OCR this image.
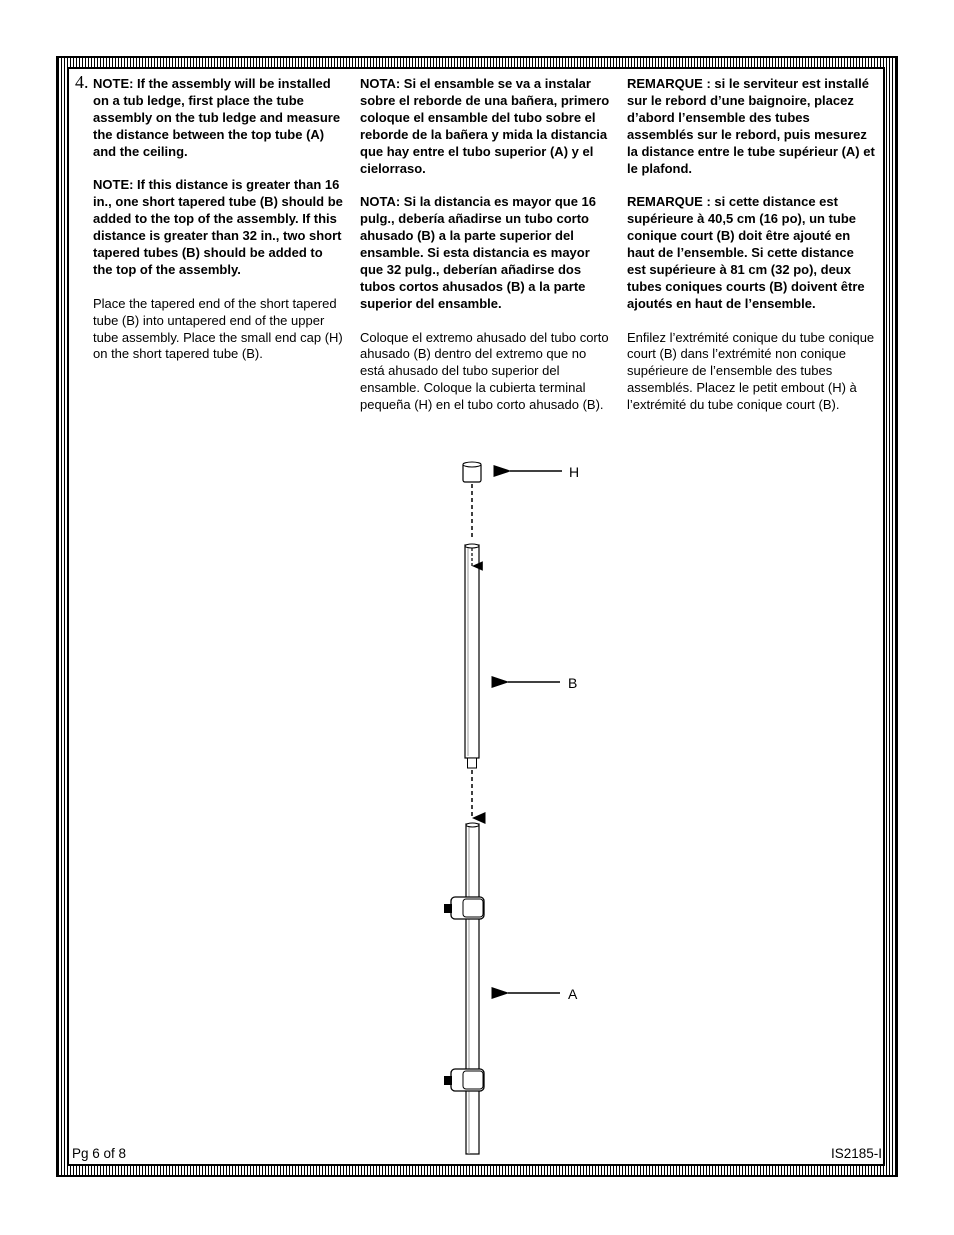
4. NOTE: If the assembly will be installed on a tub ledge, first place the tube assembly on the tub ledge and measure the distance between the top tube (A) and the ceiling.

NOTE: If this distance is greater than 16 in., one short tapered tube (B) should be added to the top of the assembly. If this distance is greater than 32 in., two short tapered tubes (B) should be added to the top of the assembly.

Place the tapered end of the short tapered tube (B) into untapered end of the upper tube assembly. Place the small end cap (H) on the short tapered tube (B).

NOTA: Si el ensamble se va a instalar sobre el reborde de una bañera, primero coloque el ensamble del tubo sobre el reborde de la bañera y mida la distancia que hay entre el tubo superior (A) y el cielorraso.

NOTA: Si la distancia es mayor que 16 pulg., debería añadirse un tubo corto ahusado (B) a la parte superior del ensamble. Si esta distancia es mayor que 32 pulg., deberían añadirse dos tubos cortos ahusados (B) a la parte superior del ensamble.

Coloque el extremo ahusado del tubo corto ahusado (B) dentro del extremo que no está ahusado del tubo superior del ensamble. Coloque la cubierta terminal pequeña (H) en el tubo corto ahusado (B).

REMARQUE : si le serviteur est installé sur le rebord d’une baignoire, placez d’abord l’ensemble des tubes assemblés sur le rebord, puis mesurez la distance entre le tube supérieur (A) et le plafond.

REMARQUE : si cette distance est supérieure à 40,5 cm (16 po), un tube conique court (B) doit être ajouté en haut de l’ensemble. Si cette distance est supérieure à 81 cm (32 po), deux tubes coniques courts (B) doivent être ajoutés en haut de l’ensemble.

Enfilez l’extrémité conique du tube conique court (B) dans l’extrémité non conique supérieure de l’ensemble des tubes assemblés. Placez le petit embout (H) à l’extrémité du tube conique court (B).

H
B
A
Pg 6 of 8	IS2185-I
